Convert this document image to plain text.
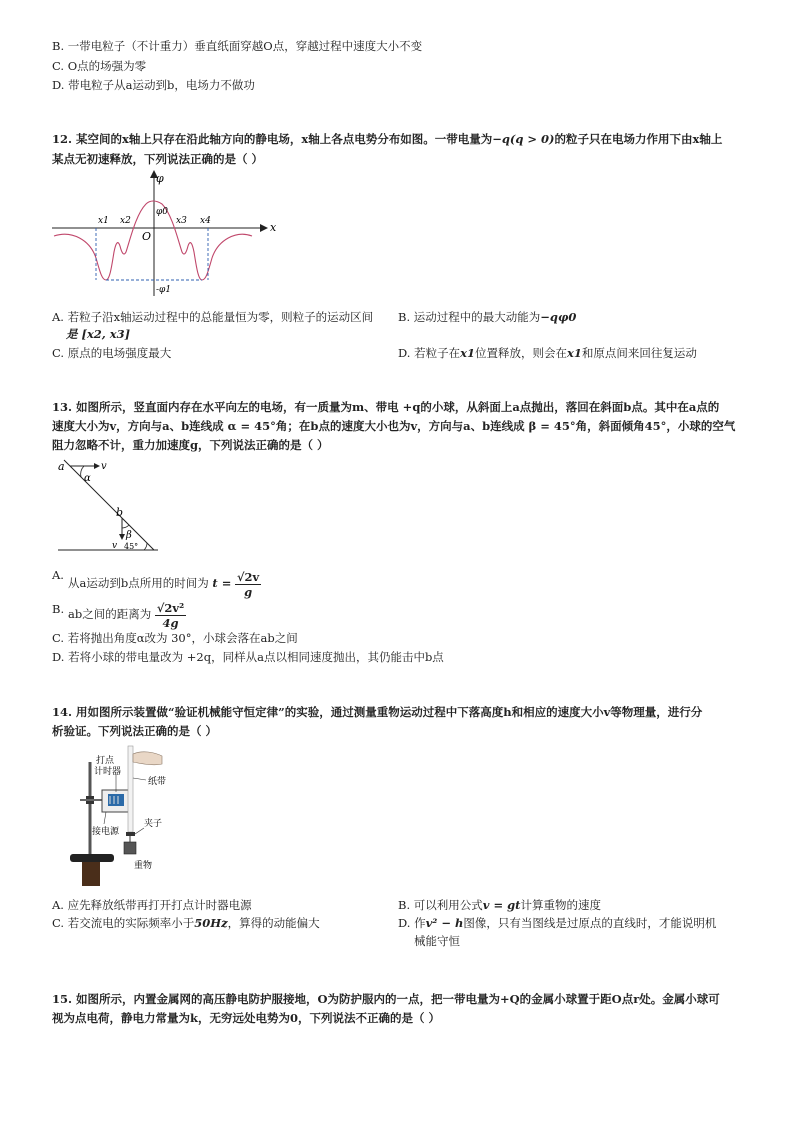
B. 一带电粒子（不计重力）垂直纸面穿越O点，穿越过程中速度大小不变
C. O点的场强为零
D. 带电粒子从a运动到b，电场力不做功
12. 某空间的x轴上只存在沿此轴方向的静电场，x轴上各点电势分布如图。一带电量为−q(q > 0)的粒子只在电场力作用下由x轴上
某点无初速释放，下列说法正确的是（ ）
φ
φ0
-φ1
x
O
x1 x2	x3 x4
A. 若粒子沿x轴运动过程中的总能量恒为零，则粒子的运动区间
是 [x2, x3]
B. 运动过程中的最大动能为−qφ0
C. 原点的电场强度最大	D. 若粒子在x1位置释放，则会在x1和原点间来回往复运动
13. 如图所示，竖直面内存在水平向左的电场，有一质量为m、带电 +q的小球，从斜面上a点抛出，落回在斜面b点。其中在a点的
速度大小为v，方向与a、b连线成 α = 45°角；在b点的速度大小也为v，方向与a、b连线成 β = 45°角，斜面倾角45°，小球的空气
阻力忽略不计，重力加速度g，下列说法正确的是（ ）
a	v
α
b
β
v 45°
A.
从a运动到b点所用的时间为 $t = \frac{√2v}{g}$
B. ab之间的距离为 $\frac{\text{√2v²}}{4g}$
C. 若将抛出角度α改为 30°，小球会落在ab之间
D. 若将小球的带电量改为 +2q，同样从a点以相同速度抛出，其仍能击中b点
14. 用如图所示装置做“验证机械能守恒定律”的实验，通过测量重物运动过程中下落高度h和相应的速度大小v等物理量，进行分
析验证。下列说法正确的是（ ）
打点
计时器
纸带
接电源
夹子
重物
A. 应先释放纸带再打开打点计时器电源	B. 可以利用公式v = gt计算重物的速度
C. 若交流电的实际频率小于50Hz，算得的动能偏大	D. 作v² − h图像，只有当图线是过原点的直线时，才能说明机
械能守恒
15. 如图所示，内置金属网的高压静电防护服接地，O为防护服内的一点，把一带电量为+Q的金属小球置于距O点r处。金属小球可
视为点电荷，静电力常量为k，无穷远处电势为0，下列说法不正确的是（ ）
